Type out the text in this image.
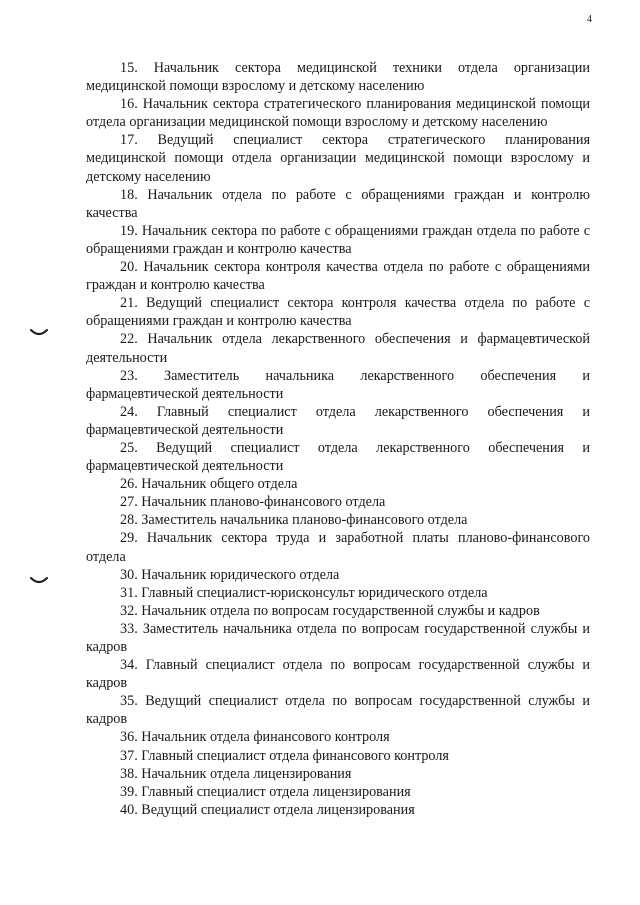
4

15. Начальник сектора медицинской техники отдела организации медицинской помощи взрослому и детскому населению

16. Начальник сектора стратегического планирования медицинской помощи отдела организации медицинской помощи взрослому и детскому населению

17. Ведущий специалист сектора стратегического планирования медицинской помощи отдела организации медицинской помощи взрослому и детскому населению

18. Начальник отдела по работе с обращениями граждан и контролю качества

19. Начальник сектора по работе с обращениями граждан отдела по работе с обращениями граждан и контролю качества

20. Начальник сектора контроля качества отдела по работе с обращениями граждан и контролю качества

21. Ведущий специалист сектора контроля качества отдела по работе с обращениями граждан и контролю качества

22. Начальник отдела лекарственного обеспечения и фармацевтической деятельности

23. Заместитель начальника лекарственного обеспечения и фармацевтической деятельности

24. Главный специалист отдела лекарственного обеспечения и фармацевтической деятельности

25. Ведущий специалист отдела лекарственного обеспечения и фармацевтической деятельности

26. Начальник общего отдела

27. Начальник планово-финансового отдела

28. Заместитель начальника планово-финансового отдела

29. Начальник сектора труда и заработной платы планово-финансового отдела

30. Начальник юридического отдела

31. Главный специалист-юрисконсульт юридического отдела

32. Начальник отдела по вопросам государственной службы и кадров

33. Заместитель начальника отдела по вопросам государственной службы и кадров

34. Главный специалист отдела по вопросам государственной службы и кадров

35. Ведущий специалист отдела по вопросам государственной службы и кадров

36. Начальник отдела финансового контроля

37. Главный специалист отдела финансового контроля

38. Начальник отдела лицензирования

39. Главный специалист отдела лицензирования

40. Ведущий специалист отдела лицензирования
